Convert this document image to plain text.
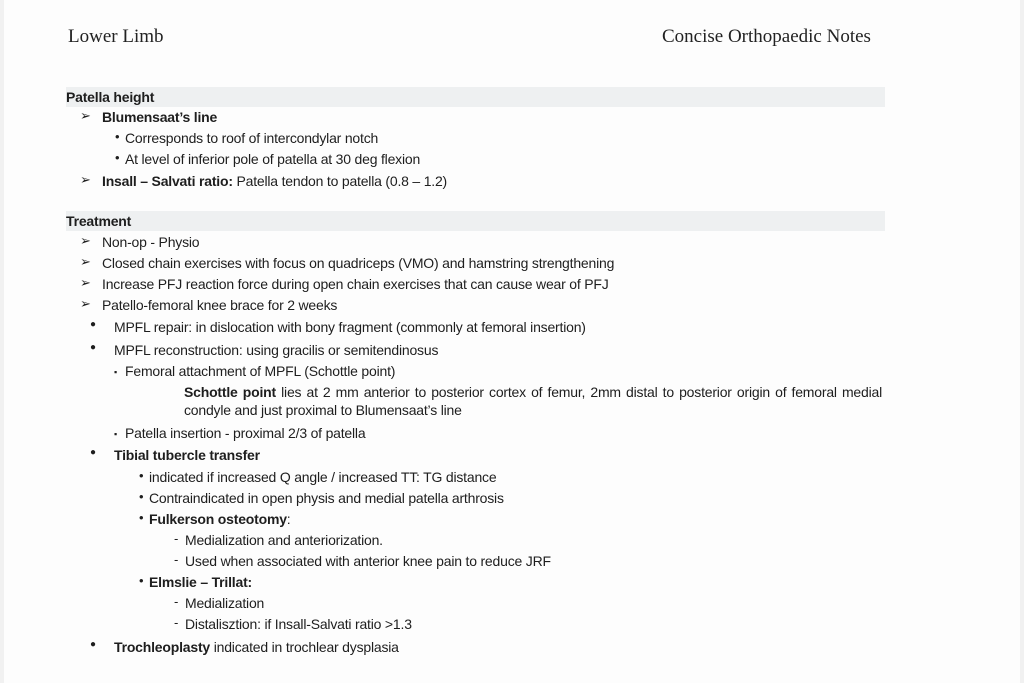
Lower Limb	Concise Orthopaedic Notes
Patella height
➢ Blumensaat’s line
• Corresponds to roof of intercondylar notch
• At level of inferior pole of patella at 30 deg flexion
➢ Insall – Salvati ratio: Patella tendon to patella (0.8 – 1.2)
Treatment
➢ Non-op - Physio
➢ Closed chain exercises with focus on quadriceps (VMO) and hamstring strengthening
➢ Increase PFJ reaction force during open chain exercises that can cause wear of PFJ
➢ Patello-femoral knee brace for 2 weeks
● MPFL repair: in dislocation with bony fragment (commonly at femoral insertion)
● MPFL reconstruction: using gracilis or semitendinosus
▪ Femoral attachment of MPFL (Schottle point)
Schottle point lies at 2 mm anterior to posterior cortex of femur, 2mm distal to posterior origin of femoral medial condyle and just proximal to Blumensaat’s line
▪ Patella insertion - proximal 2/3 of patella
● Tibial tubercle transfer
• indicated if increased Q angle / increased TT: TG distance
• Contraindicated in open physis and medial patella arthrosis
• Fulkerson osteotomy:
- Medialization and anteriorization.
- Used when associated with anterior knee pain to reduce JRF
• Elmslie – Trillat:
- Medialization
- Distalisztion: if Insall-Salvati ratio >1.3
● Trochleoplasty indicated in trochlear dysplasia
